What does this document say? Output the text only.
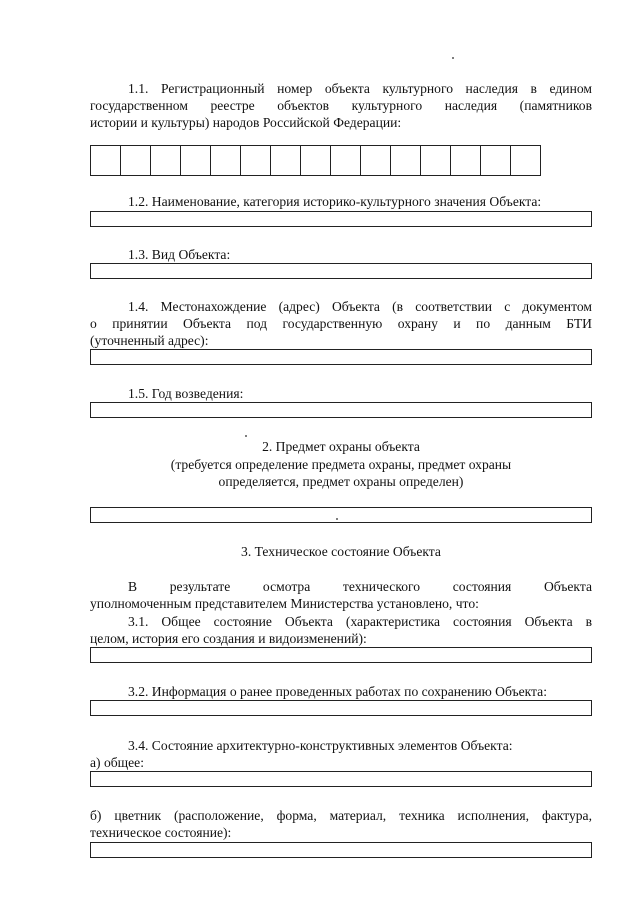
1.1. Регистрационный номер объекта культурного наследия в едином

государственном реестре объектов культурного наследия (памятников

истории и культуры) народов Российской Федерации:

1.2. Наименование, категория историко-культурного значения Объекта:

1.3. Вид Объекта:

1.4. Местонахождение (адрес) Объекта (в соответствии с документом

о принятии Объекта под государственную охрану и по данным БТИ

(уточненный адрес):

1.5. Год возведения:

2. Предмет охраны объекта

(требуется определение предмета охраны, предмет охраны

определяется, предмет охраны определен)

3. Техническое состояние Объекта

В результате осмотра технического состояния Объекта

уполномоченным представителем Министерства установлено, что:

3.1. Общее состояние Объекта (характеристика состояния Объекта в

целом, история его создания и видоизменений):

3.2. Информация о ранее проведенных работах по сохранению Объекта:

3.4. Состояние архитектурно-конструктивных элементов Объекта:

а) общее:

б) цветник (расположение, форма, материал, техника исполнения, фактура,

техническое состояние):
